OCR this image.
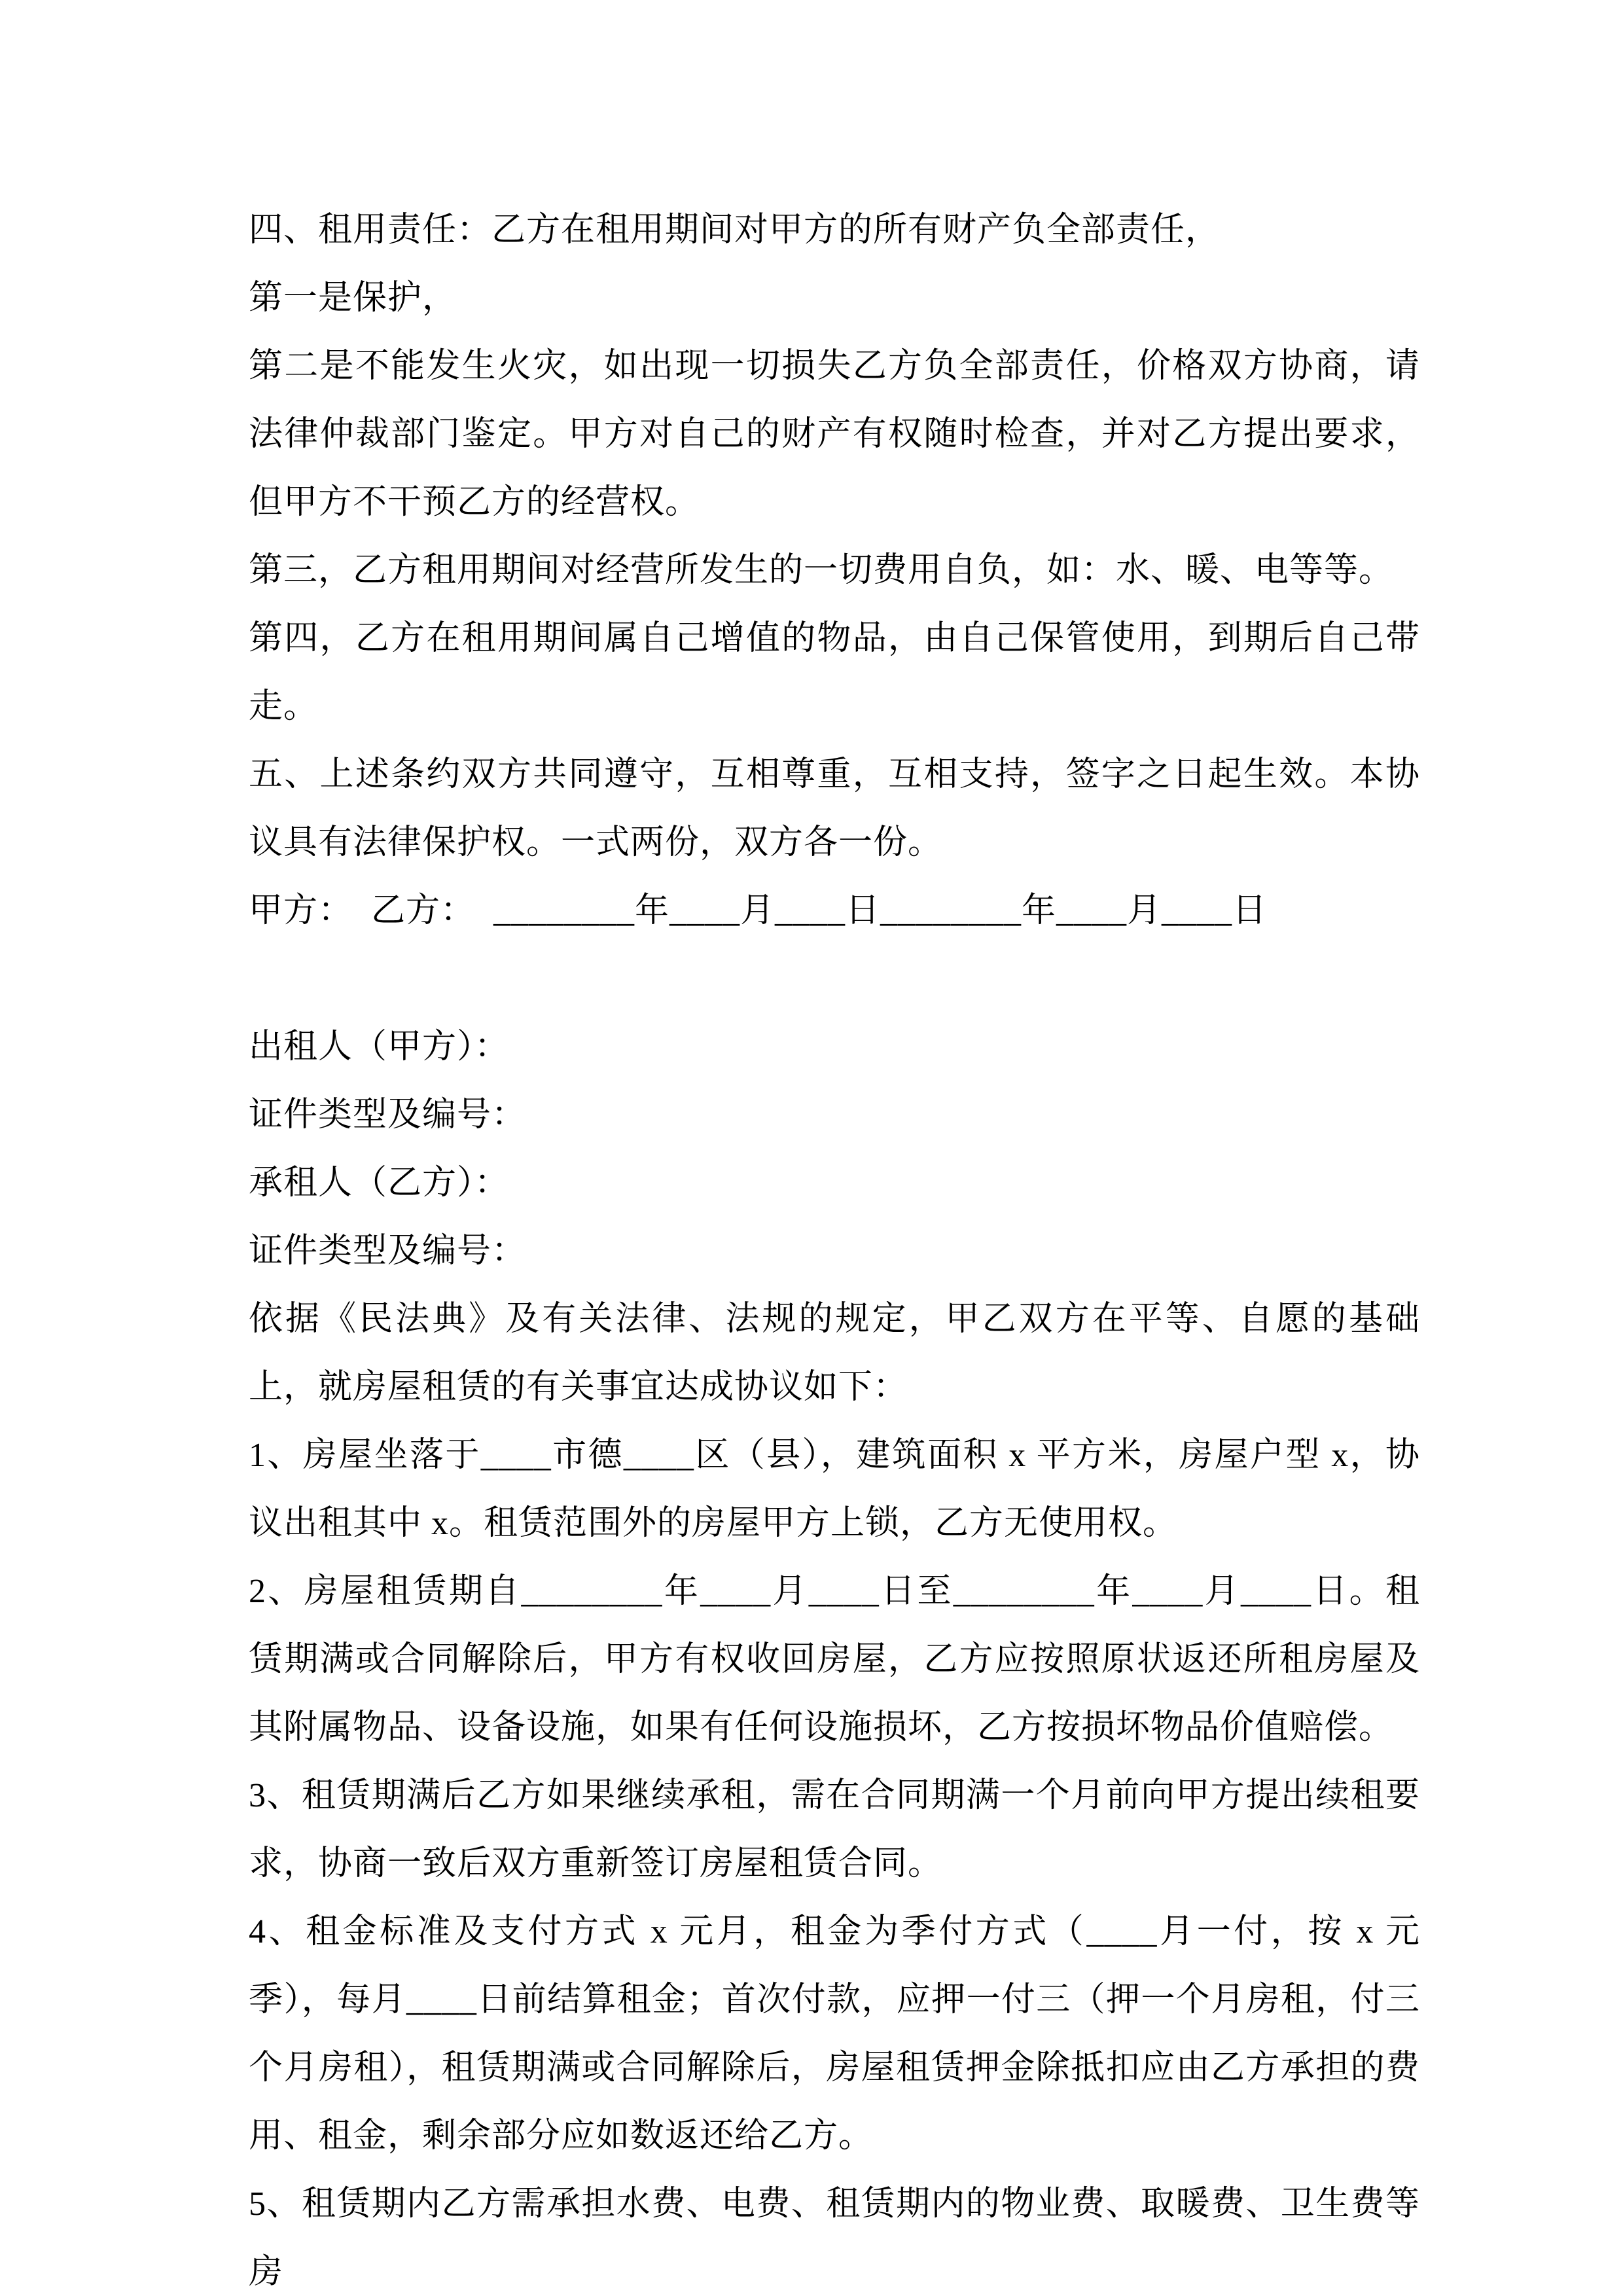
四、租用责任：乙方在租用期间对甲方的所有财产负全部责任，

第一是保护，

第二是不能发生火灾，如出现一切损失乙方负全部责任，价格双方协商，请法律仲裁部门鉴定。甲方对自己的财产有权随时检查，并对乙方提出要求，但甲方不干预乙方的经营权。

第三，乙方租用期间对经营所发生的一切费用自负，如：水、暖、电等等。

第四，乙方在租用期间属自己增值的物品，由自己保管使用，到期后自己带走。

五、上述条约双方共同遵守，互相尊重，互相支持，签字之日起生效。本协议具有法律保护权。一式两份，双方各一份。

甲方：  乙方：  ________年____月____日________年____月____日

出租人（甲方）：

证件类型及编号：

承租人（乙方）：

证件类型及编号：

依据《民法典》及有关法律、法规的规定，甲乙双方在平等、自愿的基础上，就房屋租赁的有关事宜达成协议如下：

1、房屋坐落于____市德____区（县），建筑面积 x 平方米，房屋户型 x，协议出租其中 x。租赁范围外的房屋甲方上锁，乙方无使用权。

2、房屋租赁期自________年____月____日至________年____月____日。租赁期满或合同解除后，甲方有权收回房屋，乙方应按照原状返还所租房屋及其附属物品、设备设施，如果有任何设施损坏，乙方按损坏物品价值赔偿。

3、租赁期满后乙方如果继续承租，需在合同期满一个月前向甲方提出续租要求，协商一致后双方重新签订房屋租赁合同。

4、租金标准及支付方式 x 元月，租金为季付方式（____月一付，按 x 元季），每月____日前结算租金；首次付款，应押一付三（押一个月房租，付三个月房租），租赁期满或合同解除后，房屋租赁押金除抵扣应由乙方承担的费用、租金，剩余部分应如数返还给乙方。

5、租赁期内乙方需承担水费、电费、租赁期内的物业费、取暖费、卫生费等房
